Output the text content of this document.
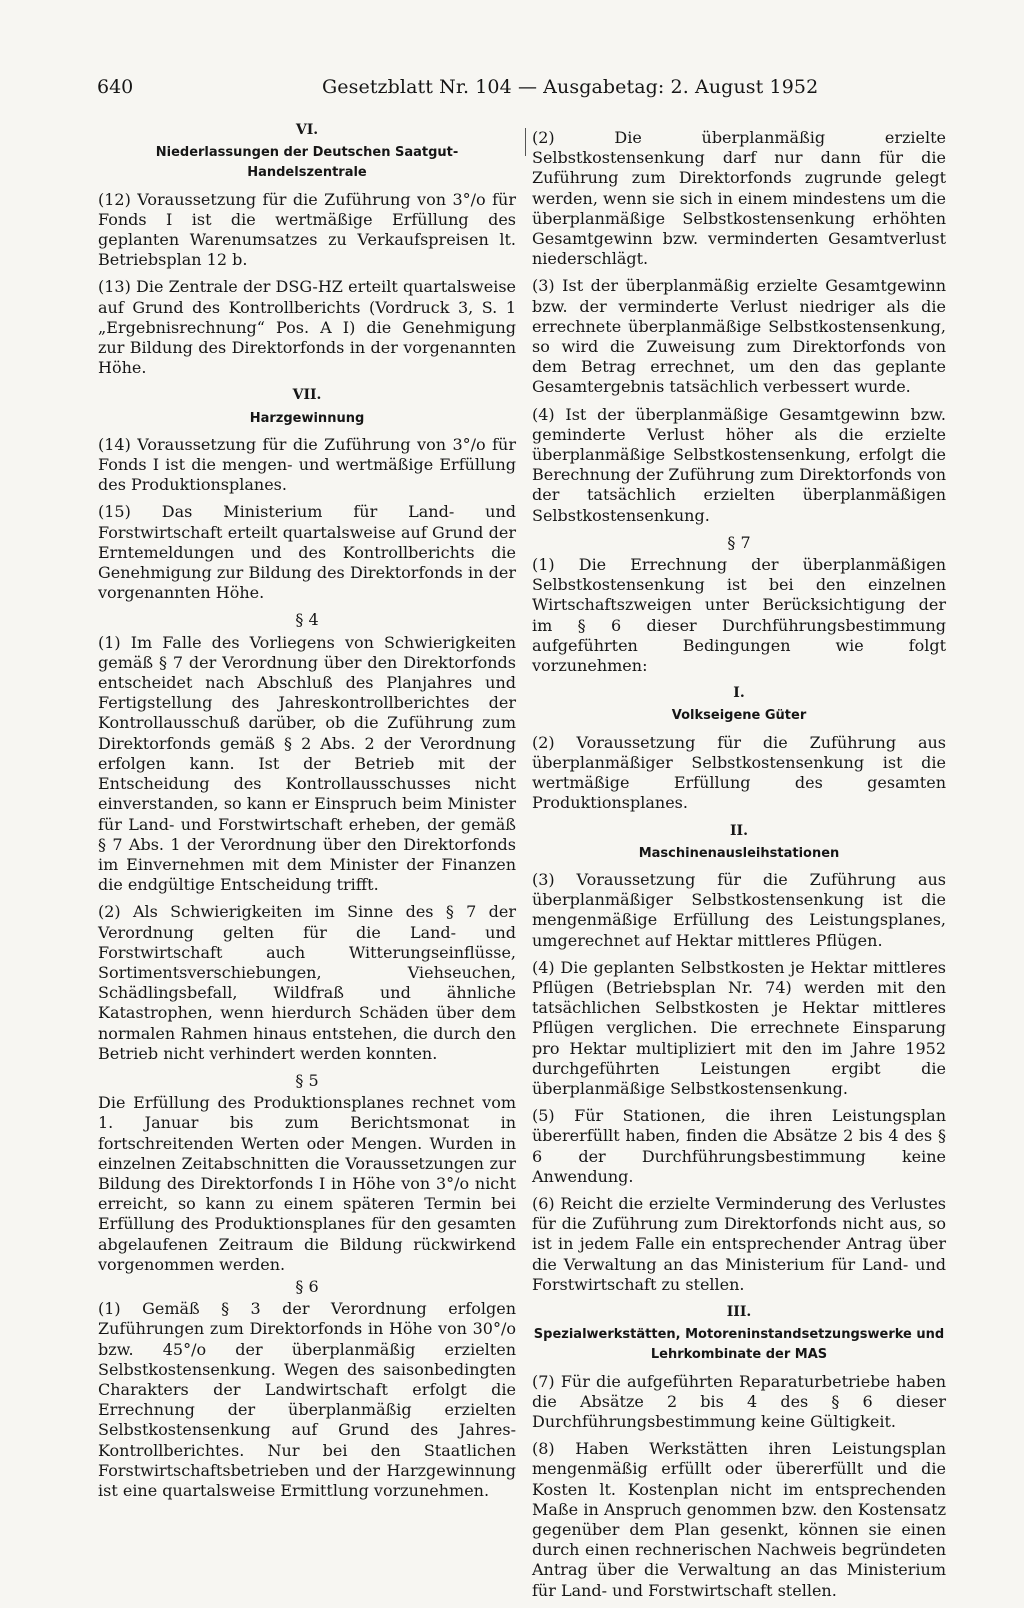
640	Gesetzblatt Nr. 104 — Ausgabetag: 2. August 1952
VI.
Niederlassungen der Deutschen Saatgut-Handelszentrale

(12) Voraussetzung für die Zuführung von 3°/o für Fonds I ist die wertmäßige Erfüllung des geplanten Warenumsatzes zu Verkaufspreisen lt. Betriebsplan 12 b.

(13) Die Zentrale der DSG-HZ erteilt quartalsweise auf Grund des Kontrollberichts (Vordruck 3, S. 1 „Ergebnisrechnung“ Pos. A I) die Genehmigung zur Bildung des Direktorfonds in der vorgenannten Höhe.

VII.
Harzgewinnung

(14) Voraussetzung für die Zuführung von 3°/o für Fonds I ist die mengen- und wertmäßige Erfüllung des Produktionsplanes.

(15) Das Ministerium für Land- und Forstwirtschaft erteilt quartalsweise auf Grund der Erntemeldungen und des Kontrollberichts die Genehmigung zur Bildung des Direktorfonds in der vorgenannten Höhe.

§ 4

(1) Im Falle des Vorliegens von Schwierigkeiten gemäß § 7 der Verordnung über den Direktorfonds entscheidet nach Abschluß des Planjahres und Fertigstellung des Jahreskontrollberichtes der Kontrollausschuß darüber, ob die Zuführung zum Direktorfonds gemäß § 2 Abs. 2 der Verordnung erfolgen kann. Ist der Betrieb mit der Entscheidung des Kontrollausschusses nicht einverstanden, so kann er Einspruch beim Minister für Land- und Forstwirtschaft erheben, der gemäß § 7 Abs. 1 der Verordnung über den Direktorfonds im Einvernehmen mit dem Minister der Finanzen die endgültige Entscheidung trifft.

(2) Als Schwierigkeiten im Sinne des § 7 der Verordnung gelten für die Land- und Forstwirtschaft auch Witterungseinflüsse, Sortimentsverschiebungen, Viehseuchen, Schädlingsbefall, Wildfraß und ähnliche Katastrophen, wenn hierdurch Schäden über dem normalen Rahmen hinaus entstehen, die durch den Betrieb nicht verhindert werden konnten.

§ 5

Die Erfüllung des Produktionsplanes rechnet vom 1. Januar bis zum Berichtsmonat in fortschreitenden Werten oder Mengen. Wurden in einzelnen Zeitabschnitten die Voraussetzungen zur Bildung des Direktorfonds I in Höhe von 3°/o nicht erreicht, so kann zu einem späteren Termin bei Erfüllung des Produktionsplanes für den gesamten abgelaufenen Zeitraum die Bildung rückwirkend vorgenommen werden.

§ 6

(1) Gemäß § 3 der Verordnung erfolgen Zuführungen zum Direktorfonds in Höhe von 30°/o bzw. 45°/o der überplanmäßig erzielten Selbstkostensenkung. Wegen des saisonbedingten Charakters der Landwirtschaft erfolgt die Errechnung der überplanmäßig erzielten Selbstkostensenkung auf Grund des Jahres-Kontrollberichtes. Nur bei den Staatlichen Forstwirtschaftsbetrieben und der Harzgewinnung ist eine quartalsweise Ermittlung vorzunehmen.

(2) Die überplanmäßig erzielte Selbstkostensenkung darf nur dann für die Zuführung zum Direktorfonds zugrunde gelegt werden, wenn sie sich in einem mindestens um die überplanmäßige Selbstkostensenkung erhöhten Gesamtgewinn bzw. verminderten Gesamtverlust niederschlägt.

(3) Ist der überplanmäßig erzielte Gesamtgewinn bzw. der verminderte Verlust niedriger als die errechnete überplanmäßige Selbstkostensenkung, so wird die Zuweisung zum Direktorfonds von dem Betrag errechnet, um den das geplante Gesamtergebnis tatsächlich verbessert wurde.

(4) Ist der überplanmäßige Gesamtgewinn bzw. geminderte Verlust höher als die erzielte überplanmäßige Selbstkostensenkung, erfolgt die Berechnung der Zuführung zum Direktorfonds von der tatsächlich erzielten überplanmäßigen Selbstkostensenkung.

§ 7

(1) Die Errechnung der überplanmäßigen Selbstkostensenkung ist bei den einzelnen Wirtschaftszweigen unter Berücksichtigung der im § 6 dieser Durchführungsbestimmung aufgeführten Bedingungen wie folgt vorzunehmen:

I.
Volkseigene Güter

(2) Voraussetzung für die Zuführung aus überplanmäßiger Selbstkostensenkung ist die wertmäßige Erfüllung des gesamten Produktionsplanes.

II.
Maschinenausleihstationen

(3) Voraussetzung für die Zuführung aus überplanmäßiger Selbstkostensenkung ist die mengenmäßige Erfüllung des Leistungsplanes, umgerechnet auf Hektar mittleres Pflügen.

(4) Die geplanten Selbstkosten je Hektar mittleres Pflügen (Betriebsplan Nr. 74) werden mit den tatsächlichen Selbstkosten je Hektar mittleres Pflügen verglichen. Die errechnete Einsparung pro Hektar multipliziert mit den im Jahre 1952 durchgeführten Leistungen ergibt die überplanmäßige Selbstkostensenkung.

(5) Für Stationen, die ihren Leistungsplan übererfüllt haben, finden die Absätze 2 bis 4 des § 6 der Durchführungsbestimmung keine Anwendung.

(6) Reicht die erzielte Verminderung des Verlustes für die Zuführung zum Direktorfonds nicht aus, so ist in jedem Falle ein entsprechender Antrag über die Verwaltung an das Ministerium für Land- und Forstwirtschaft zu stellen.

III.
Spezialwerkstätten, Motoreninstandsetzungswerke und Lehrkombinate der MAS

(7) Für die aufgeführten Reparaturbetriebe haben die Absätze 2 bis 4 des § 6 dieser Durchführungsbestimmung keine Gültigkeit.

(8) Haben Werkstätten ihren Leistungsplan mengenmäßig erfüllt oder übererfüllt und die Kosten lt. Kostenplan nicht im entsprechenden Maße in Anspruch genommen bzw. den Kostensatz gegenüber dem Plan gesenkt, können sie einen durch einen rechnerischen Nachweis begründeten Antrag über die Verwaltung an das Ministerium für Land- und Forstwirtschaft stellen.
